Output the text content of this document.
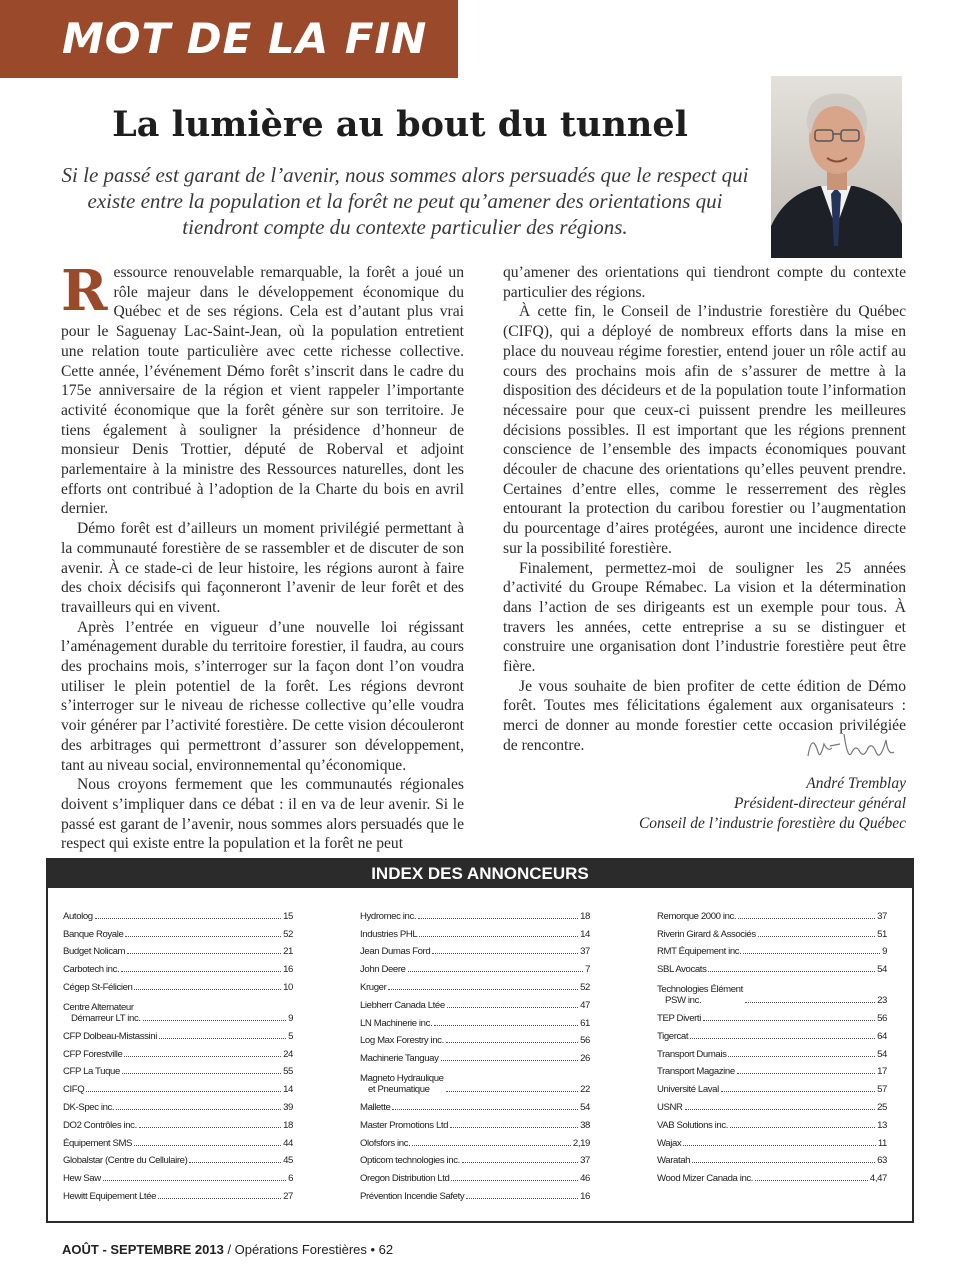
MOT DE LA FIN
La lumière au bout du tunnel

Si le passé est garant de l’avenir, nous sommes alors persuadés que le respect qui existe entre la population et la forêt ne peut qu’amener des orientations qui tiendront compte du contexte particulier des régions.

Ressource renouvelable remarquable, la forêt a joué un rôle majeur dans le développement économique du Québec et de ses régions. Cela est d’autant plus vrai pour le Saguenay Lac-Saint-Jean, où la population entretient une relation toute particulière avec cette richesse collective. Cette année, l’événement Démo forêt s’inscrit dans le cadre du 175e anniversaire de la région et vient rappeler l’importante activité économique que la forêt génère sur son territoire. Je tiens également à souligner la présidence d’honneur de monsieur Denis Trottier, député de Roberval et adjoint parlementaire à la ministre des Ressources naturelles, dont les efforts ont contribué à l’adoption de la Charte du bois en avril dernier.

Démo forêt est d’ailleurs un moment privilégié permettant à la communauté forestière de se rassembler et de discuter de son avenir. À ce stade-ci de leur histoire, les régions auront à faire des choix décisifs qui façonneront l’avenir de leur forêt et des travailleurs qui en vivent.

Après l’entrée en vigueur d’une nouvelle loi régissant l’aménagement durable du territoire forestier, il faudra, au cours des prochains mois, s’interroger sur la façon dont l’on voudra utiliser le plein potentiel de la forêt. Les régions devront s’interroger sur le niveau de richesse collective qu’elle voudra voir générer par l’activité forestière. De cette vision découleront des arbitrages qui permettront d’assurer son développement, tant au niveau social, environnemental qu’économique.

Nous croyons fermement que les communautés régionales doivent s’impliquer dans ce débat : il en va de leur avenir. Si le passé est garant de l’avenir, nous sommes alors persuadés que le respect qui existe entre la population et la forêt ne peut

qu’amener des orientations qui tiendront compte du contexte particulier des régions.

À cette fin, le Conseil de l’industrie forestière du Québec (CIFQ), qui a déployé de nombreux efforts dans la mise en place du nouveau régime forestier, entend jouer un rôle actif au cours des prochains mois afin de s’assurer de mettre à la disposition des décideurs et de la population toute l’information nécessaire pour que ceux-ci puissent prendre les meilleures décisions possibles. Il est important que les régions prennent conscience de l’ensemble des impacts économiques pouvant découler de chacune des orientations qu’elles peuvent prendre. Certaines d’entre elles, comme le resserrement des règles entourant la protection du caribou forestier ou l’augmentation du pourcentage d’aires protégées, auront une incidence directe sur la possibilité forestière.

Finalement, permettez-moi de souligner les 25 années d’activité du Groupe Rémabec. La vision et la détermination dans l’action de ses dirigeants est un exemple pour tous. À travers les années, cette entreprise a su se distinguer et construire une organisation dont l’industrie forestière peut être fière.

Je vous souhaite de bien profiter de cette édition de Démo forêt. Toutes mes félicitations également aux organisateurs : merci de donner au monde forestier cette occasion privilégiée de rencontre.

André Tremblay
Président-directeur général
Conseil de l’industrie forestière du Québec
INDEX DES ANNONCEURS
Autolog	15
Banque Royale	52
Budget Nolicam	21
Carbotech inc.	16
Cégep St-Félicien	10
Centre Alternateur
Démarreur LT inc.	9
CFP Dolbeau-Mistassini	5
CFP Forestville	24
CFP La Tuque	55
CIFQ	14
DK-Spec inc.	39
DO2 Contrôles inc.	18
Équipement SMS	44
Globalstar (Centre du Cellulaire)	45
Hew Saw	6
Hewitt Equipement Ltée	27
Hydromec inc.	18
Industries PHL	14
Jean Dumas Ford	37
John Deere	7
Kruger	52
Liebherr Canada Ltée	47
LN Machinerie inc.	61
Log Max Forestry inc.	56
Machinerie Tanguay	26
Magneto Hydraulique
et Pneumatique	22
Mallette	54
Master Promotions Ltd	38
Olofsfors inc.	2,19
Opticom technologies inc.	37
Oregon Distribution Ltd	46
Prévention Incendie Safety	16
Remorque 2000 inc.	37
Riverin Girard & Associés	51
RMT Équipement inc.	9
SBL Avocats	54
Technologies Élément
PSW inc.	23
TEP Diverti	56
Tigercat	64
Transport Dumais	54
Transport Magazine	17
Université Laval	57
USNR	25
VAB Solutions inc.	13
Wajax	11
Waratah	63
Wood Mizer Canada inc.	4,47
AOÛT - SEPTEMBRE 2013 / Opérations Forestières • 62
